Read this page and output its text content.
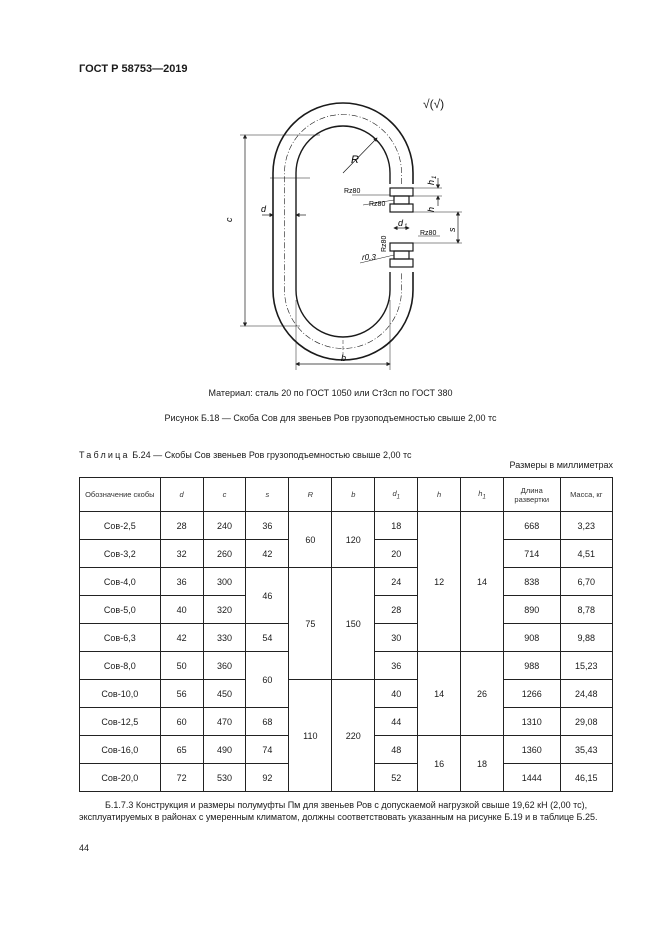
ГОСТ Р 58753—2019
√(√)
R
c
d
b
h
1
h
d 1	s
r0,3
Rz80
Rz80
Rz80
Rz80
Материал: сталь 20 по ГОСТ 1050 или Ст3сп по ГОСТ 380
Рисунок Б.18 — Скоба Сов для звеньев Ров грузоподъемностью свыше 2,00 тс
Таблица Б.24 — Скобы Сов звеньев Ров грузоподъемностью свыше 2,00 тс
Размеры в миллиметрах
Обозначение скобы	d	c	s	R	b	$d_1$	h	$h_1$	Длина развертки	Масса, кг
Сов-2,5	28	240	36	60	120	18	12	14	668	3,23
Сов-3,2	32	260	42			20			714	4,51
Сов-4,0	36	300	46	75	150	24			838	6,70
Сов-5,0	40	320				28			890	8,78
Сов-6,3	42	330	54			30			908	9,88
Сов-8,0	50	360	60			36	14	26	988	15,23
Сов-10,0	56	450		110	220	40			1266	24,48
Сов-12,5	60	470	68			44			1310	29,08
Сов-16,0	65	490	74			48	16	18	1360	35,43
Сов-20,0	72	530	92			52			1444	46,15
Б.1.7.3 Конструкция и размеры полумуфты Пм для звеньев Ров с допускаемой нагрузкой свыше 19,62 кН (2,00 тс), эксплуатируемых в районах с умеренным климатом, должны соответствовать указанным на рисунке Б.19 и в таблице Б.25.
44
